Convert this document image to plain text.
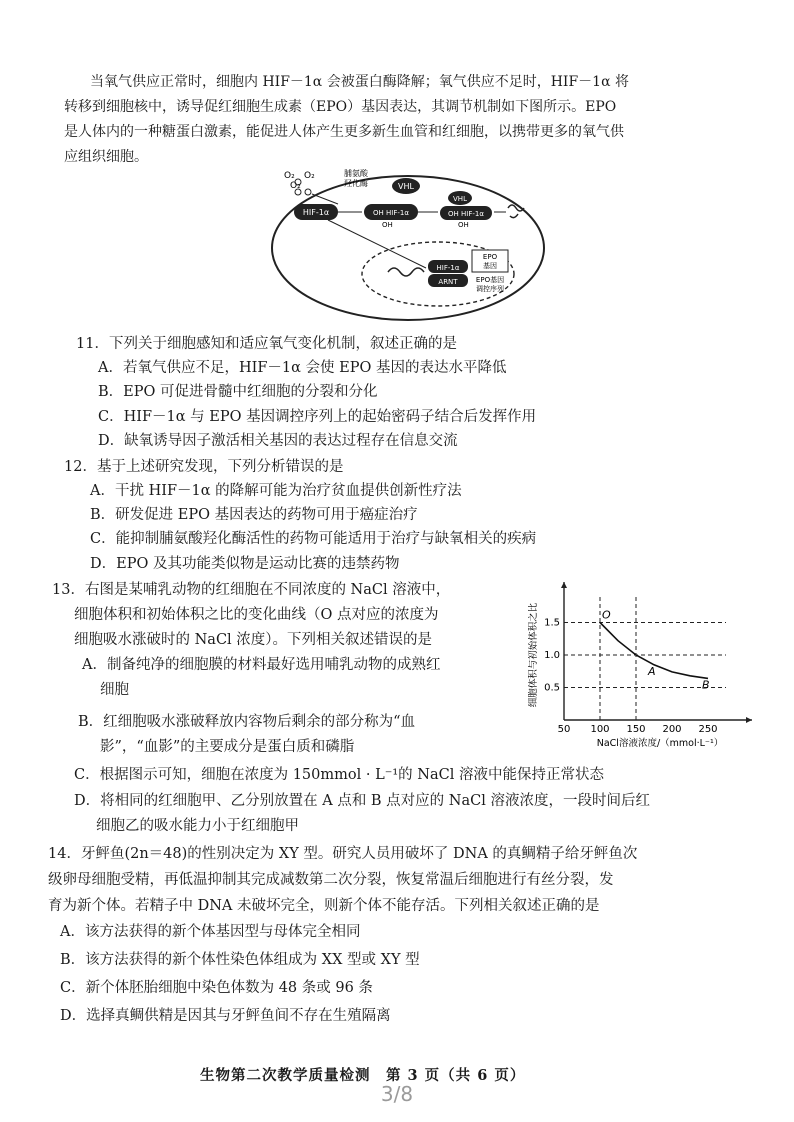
当氧气供应正常时，细胞内 HIF－1α 会被蛋白酶降解；氧气供应不足时，HIF－1α 将
转移到细胞核中，诱导促红细胞生成素（EPO）基因表达，其调节机制如下图所示。EPO
是人体内的一种糖蛋白激素，能促进人体产生更多新生血管和红细胞，以携带更多的氧气供
应组织细胞。
O₂
O₂
O₂	脯氨酸
羟化酶
HIF-1α	OH HIF-1α
OH
VHL
VHL
OH HIF-1α
OH
HIF-1α
ARNT
EPO
基因
EPO基因
调控序列
11．下列关于细胞感知和适应氧气变化机制，叙述正确的是
A．若氧气供应不足，HIF－1α 会使 EPO 基因的表达水平降低
B．EPO 可促进骨髓中红细胞的分裂和分化
C．HIF－1α 与 EPO 基因调控序列上的起始密码子结合后发挥作用
D．缺氧诱导因子激活相关基因的表达过程存在信息交流
12．基于上述研究发现，下列分析错误的是
A．干扰 HIF－1α 的降解可能为治疗贫血提供创新性疗法
B．研发促进 EPO 基因表达的药物可用于癌症治疗
C．能抑制脯氨酸羟化酶活性的药物可能适用于治疗与缺氧相关的疾病
D．EPO 及其功能类似物是运动比赛的违禁药物
13．右图是某哺乳动物的红细胞在不同浓度的 NaCl 溶液中，
细胞体积和初始体积之比的变化曲线（O 点对应的浓度为
细胞吸水涨破时的 NaCl 浓度）。下列相关叙述错误的是
A．制备纯净的细胞膜的材料最好选用哺乳动物的成熟红
细胞
B．红细胞吸水涨破释放内容物后剩余的部分称为“血
影”，“血影”的主要成分是蛋白质和磷脂
C．根据图示可知，细胞在浓度为 150mmol · L⁻¹的 NaCl 溶液中能保持正常状态
D．将相同的红细胞甲、乙分别放置在 A 点和 B 点对应的 NaCl 溶液浓度，一段时间后红
细胞乙的吸水能力小于红细胞甲
50 100 150 200 250
0.5
1.0
1.5
NaCl溶液浓度/（mmol·L⁻¹）
细胞体积与初始体积之比	O
A
B
14．牙鲆鱼(2n＝48)的性别决定为 XY 型。研究人员用破坏了 DNA 的真鲷精子给牙鲆鱼次
级卵母细胞受精，再低温抑制其完成减数第二次分裂，恢复常温后细胞进行有丝分裂，发
育为新个体。若精子中 DNA 未破坏完全，则新个体不能存活。下列相关叙述正确的是
A．该方法获得的新个体基因型与母体完全相同
B．该方法获得的新个体性染色体组成为 XX 型或 XY 型
C．新个体胚胎细胞中染色体数为 48 条或 96 条
D．选择真鲷供精是因其与牙鲆鱼间不存在生殖隔离
生物第二次教学质量检测　第 3 页（共 6 页）
3/8
